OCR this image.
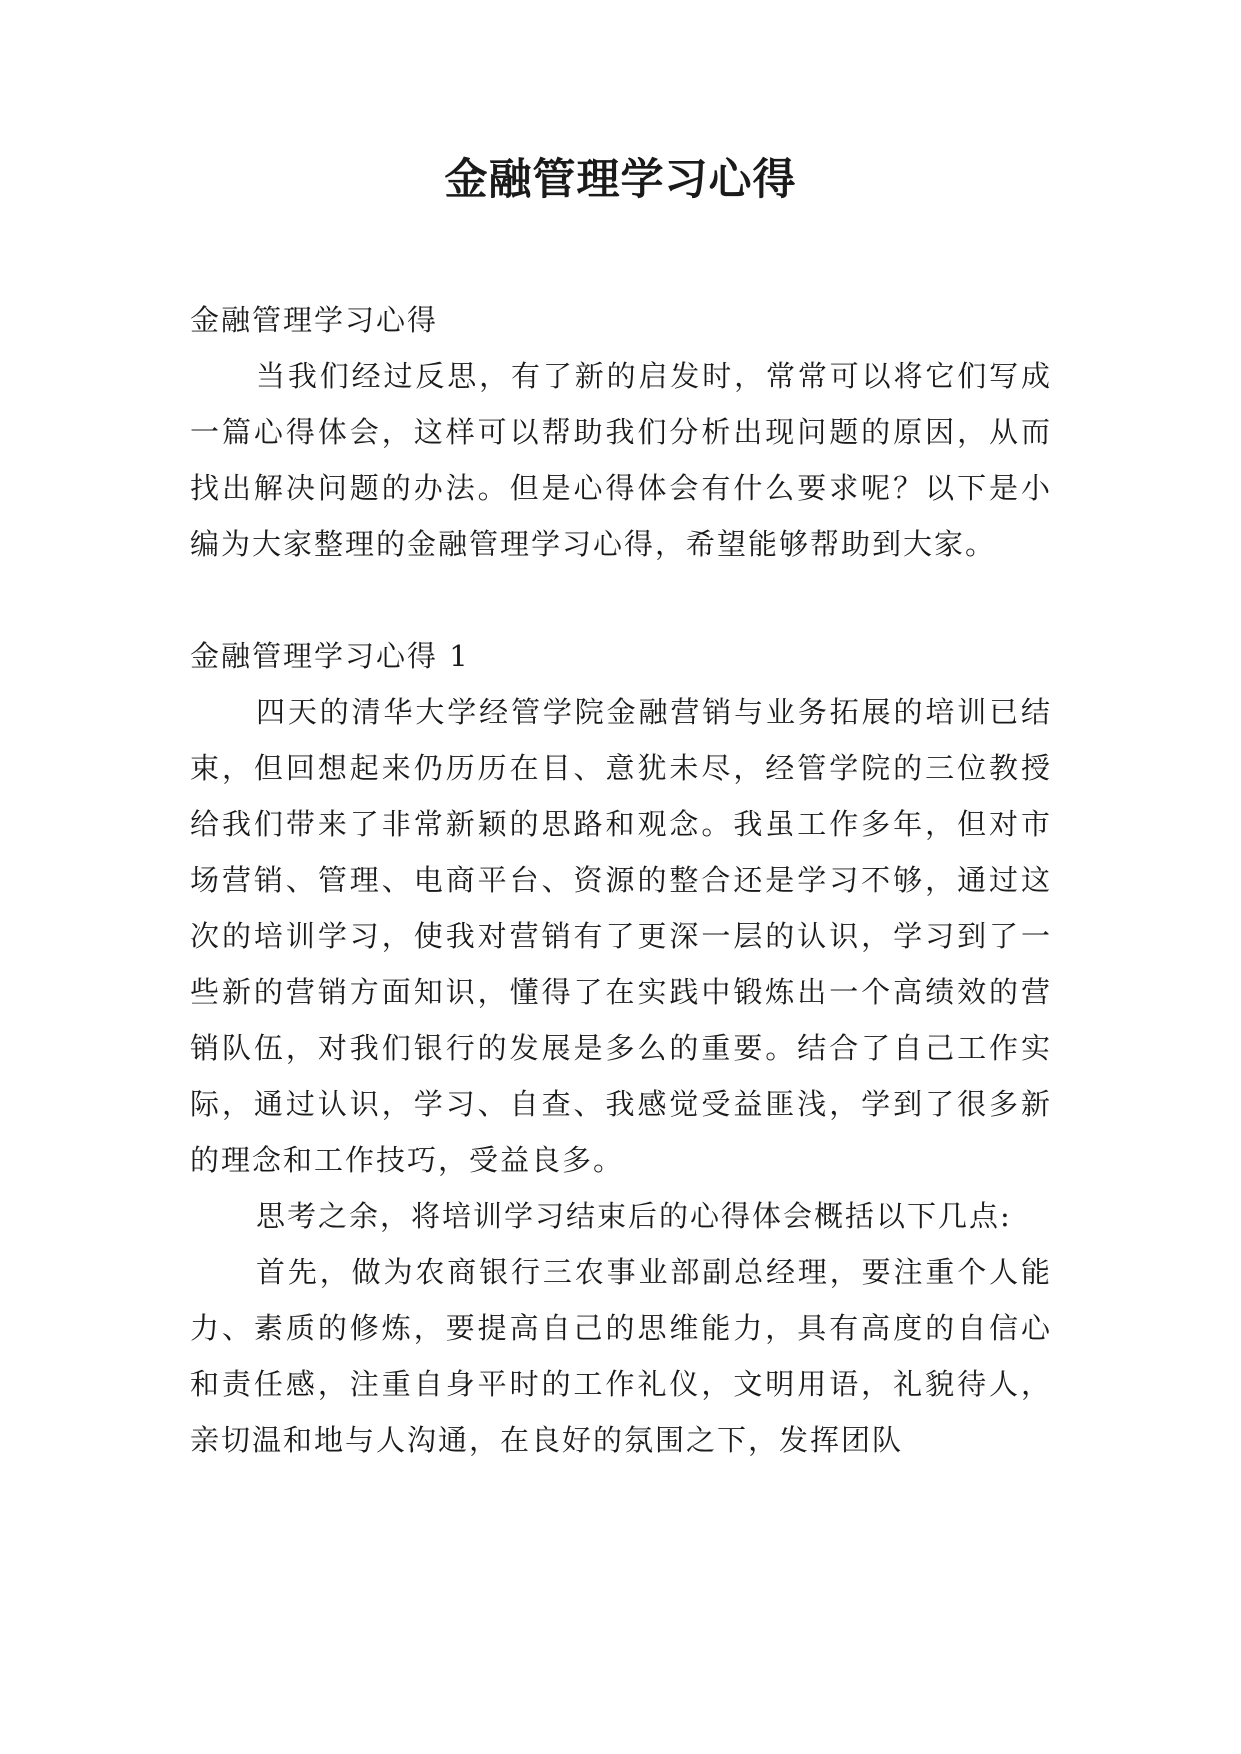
金融管理学习心得

金融管理学习心得

当我们经过反思，有了新的启发时，常常可以将它们写成一篇心得体会，这样可以帮助我们分析出现问题的原因，从而找出解决问题的办法。但是心得体会有什么要求呢？以下是小编为大家整理的金融管理学习心得，希望能够帮助到大家。

金融管理学习心得 1

四天的清华大学经管学院金融营销与业务拓展的培训已结束，但回想起来仍历历在目、意犹未尽，经管学院的三位教授给我们带来了非常新颖的思路和观念。我虽工作多年，但对市场营销、管理、电商平台、资源的整合还是学习不够，通过这次的培训学习，使我对营销有了更深一层的认识，学习到了一些新的营销方面知识，懂得了在实践中锻炼出一个高绩效的营销队伍，对我们银行的发展是多么的重要。结合了自己工作实际，通过认识，学习、自查、我感觉受益匪浅，学到了很多新的理念和工作技巧，受益良多。

思考之余，将培训学习结束后的心得体会概括以下几点:

首先，做为农商银行三农事业部副总经理，要注重个人能力、素质的修炼，要提高自己的思维能力，具有高度的自信心和责任感，注重自身平时的工作礼仪，文明用语，礼貌待人，亲切温和地与人沟通，在良好的氛围之下，发挥团队
